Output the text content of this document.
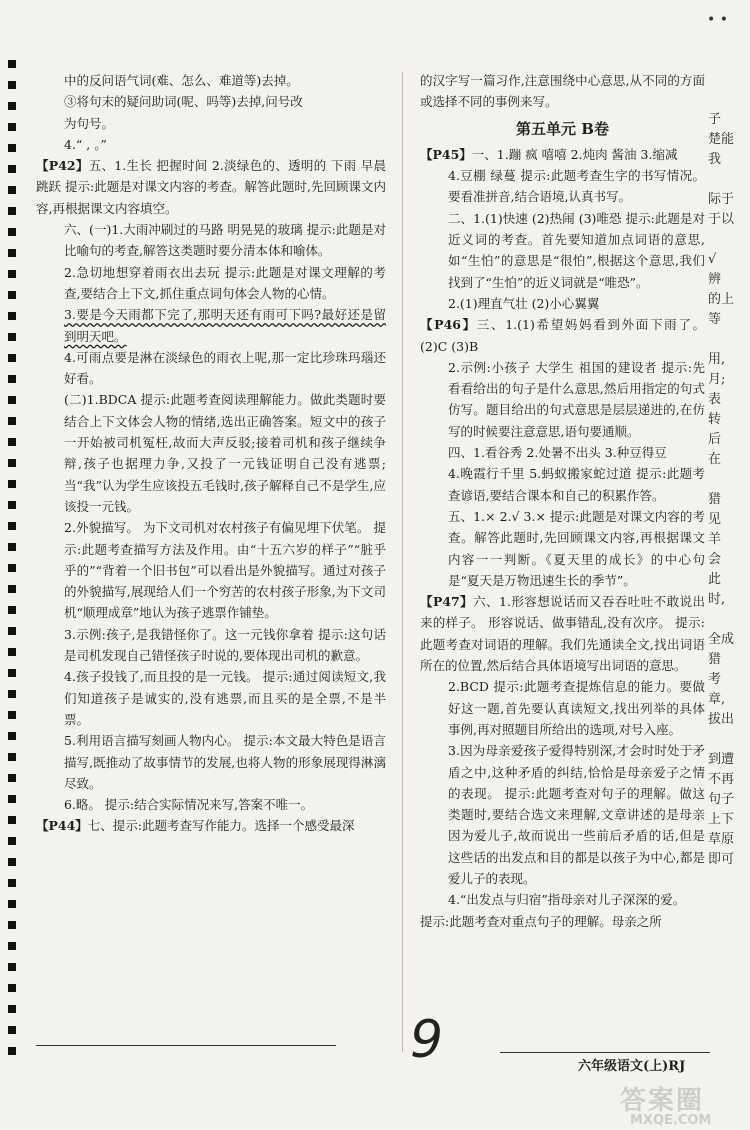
中的反问语气词(难、怎么、难道等)去掉。

③将句末的疑问助词(呢、吗等)去掉,问号改

为句号。

4.“ , 。”

【P42】五、1.生长 把握时间 2.淡绿色的、透明的 下雨 早晨 跳跃 提示:此题是对课文内容的考查。解答此题时,先回顾课文内容,再根据课文内容填空。

六、(一)1.大雨冲刷过的马路 明晃晃的玻璃 提示:此题是对比喻句的考查,解答这类题时要分清本体和喻体。

2.急切地想穿着雨衣出去玩 提示:此题是对课文理解的考查,要结合上下文,抓住重点词句体会人物的心情。

3.要是今天雨都下完了,那明天还有雨可下吗?最好还是留到明天吧。

4.可雨点要是淋在淡绿色的雨衣上呢,那一定比珍珠玛瑙还好看。

(二)1.BDCA 提示:此题考查阅读理解能力。做此类题时要结合上下文体会人物的情绪,选出正确答案。短文中的孩子一开始被司机冤枉,故而大声反驳;接着司机和孩子继续争辩,孩子也据理力争,又投了一元钱证明自己没有逃票;当“我”认为学生应该投五毛钱时,孩子解释自己不是学生,应该投一元钱。

2.外貌描写。 为下文司机对农村孩子有偏见埋下伏笔。 提示:此题考查描写方法及作用。由“十五六岁的样子”“脏乎乎的”“背着一个旧书包”可以看出是外貌描写。通过对孩子的外貌描写,展现给人们一个穷苦的农村孩子形象,为下文司机“顺理成章”地认为孩子逃票作铺垫。

3.示例:孩子,是我错怪你了。这一元钱你拿着 提示:这句话是司机发现自己错怪孩子时说的,要体现出司机的歉意。

4.孩子投钱了,而且投的是一元钱。 提示:通过阅读短文,我们知道孩子是诚实的,没有逃票,而且买的是全票,不是半票。

5.利用语言描写刻画人物内心。 提示:本文最大特色是语言描写,既推动了故事情节的发展,也将人物的形象展现得淋漓尽致。

6.略。 提示:结合实际情况来写,答案不唯一。

【P44】七、提示:此题考查写作能力。选择一个感受最深

的汉字写一篇习作,注意围绕中心意思,从不同的方面或选择不同的事例来写。

第五单元 B卷

【P45】一、1.蹦 疯 嘻嘻 2.炖肉 酱油 3.缩减

4.豆棚 绿蔓 提示:此题考查生字的书写情况。要看准拼音,结合语境,认真书写。

二、1.(1)快速 (2)热闹 (3)唯恐 提示:此题是对近义词的考查。首先要知道加点词语的意思,如“生怕”的意思是“很怕”,根据这个意思,我们找到了“生怕”的近义词就是“唯恐”。

2.(1)理直气壮 (2)小心翼翼

【P46】三、1.(1)希望妈妈看到外面下雨了。 (2)C (3)B

2.示例:小孩子 大学生 祖国的建设者 提示:先看看给出的句子是什么意思,然后用指定的句式仿写。题目给出的句式意思是层层递进的,在仿写的时候要注意意思,语句要通顺。

四、1.看谷秀 2.处暑不出头 3.种豆得豆

4.晚霞行千里 5.蚂蚁搬家蛇过道 提示:此题考查谚语,要结合课本和自己的积累作答。

五、1.× 2.√ 3.× 提示:此题是对课文内容的考查。解答此题时,先回顾课文内容,再根据课文内容一一判断。《夏天里的成长》的中心句是“夏天是万物迅速生长的季节”。

【P47】六、1.形容想说话而又吞吞吐吐不敢说出来的样子。 形容说话、做事错乱,没有次序。 提示:此题考查对词语的理解。我们先通读全文,找出词语所在的位置,然后结合具体语境写出词语的意思。

2.BCD 提示:此题考查提炼信息的能力。要做好这一题,首先要认真读短文,找出列举的具体事例,再对照题目所给出的选项,对号入座。

3.因为母亲爱孩子爱得特别深,才会时时处于矛盾之中,这种矛盾的纠结,恰恰是母亲爱子之情的表现。 提示:此题考查对句子的理解。做这类题时,要结合选文来理解,文章讲述的是母亲因为爱儿子,故而说出一些前后矛盾的话,但是这些话的出发点和目的都是以孩子为中心,都是爱儿子的表现。

4.“出发点与归宿”指母亲对儿子深深的爱。

提示:此题考查对重点句子的理解。母亲之所

子
楚能
我
际于
于以
√
辨
的上
等
用,
月;
表
转
后
在
猎
见
羊
会
此
时,
全成
猎
考
章,
拔出
到遭
不再
句子
上下
草原
即可
• •
9	六年级语文(上)RJ
答案圈
MXQE.COM
